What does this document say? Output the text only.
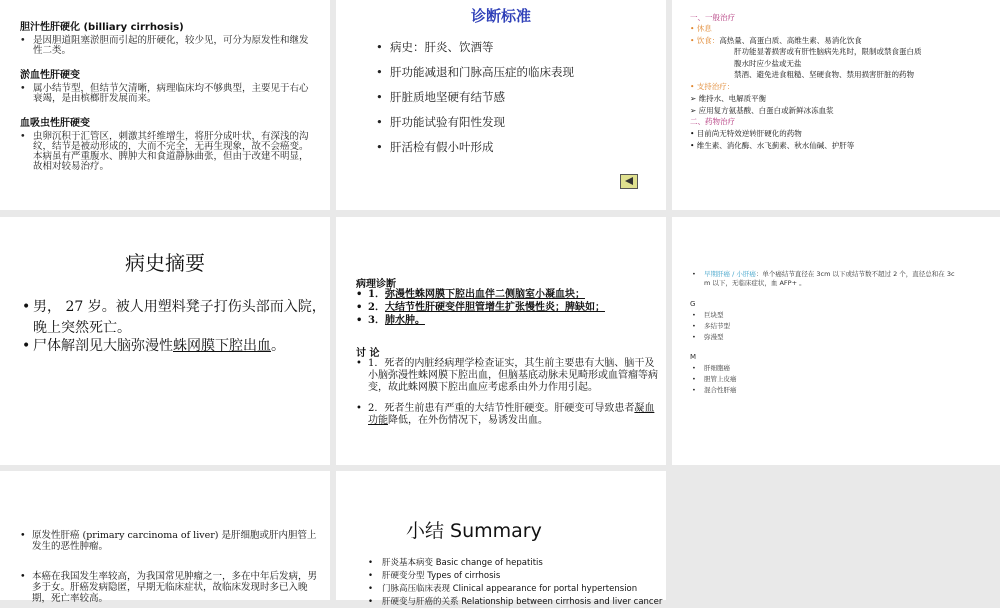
胆汁性肝硬化 (billiary cirrhosis)
• 是因胆道阻塞淤胆而引起的肝硬化，较少见，可分为原发性和继发性二类。
淤血性肝硬变
• 属小结节型，但结节欠清晰，病理临床均不够典型，主要见于右心衰竭，是由槟榔肝发展而来。
血吸虫性肝硬变
• 虫卵沉积于汇管区，刺激其纤维增生，将肝分成叶状，有深浅的沟纹，结节是被动形成的，大而不完全，无再生现象，故不会癌变。本病虽有严重腹水、脾肿大和食道静脉曲张，但由于改建不明显，故相对较易治疗。
诊断标准
• 病史：肝炎、饮酒等
• 肝功能减退和门脉高压症的临床表现
• 肝脏质地坚硬有结节感
• 肝功能试验有阳性发现
• 肝活检有假小叶形成
一、一般治疗
• 休息
• 饮食：高热量、高蛋白质、高维生素、易消化饮食
肝功能显著损害或有肝性脑病先兆时，限制或禁食蛋白质
腹水时应少盐或无盐
禁酒、避免进食粗糙、坚硬食物、禁用损害肝脏的药物
• 支持治疗：
➢ 维持水、电解质平衡
➢ 应用复方氨基酸、白蛋白或新鲜冰冻血浆
二、药物治疗
• 目前尚无特效逆转肝硬化的药物
• 维生素、消化酶、水飞蓟素、秋水仙碱、护肝等
病史摘要
• 男， 27 岁。被人用塑料凳子打伤头部而入院，晚上突然死亡。
• 尸体解剖见大脑弥漫性蛛网膜下腔出血。
病理诊断
• 1．弥漫性蛛网膜下腔出血伴二侧脑室小凝血块；
• 2．大结节性肝硬变伴胆管增生扩张慢性炎；脾缺如；
• 3．肺水肿。
讨 论
• 1．死者的内脏经病理学检查证实，其生前主要患有大脑、脑干及小脑弥漫性蛛网膜下腔出血，但脑基底动脉未见畸形或血管瘤等病变，故此蛛网膜下腔出血应考虑系由外力作用引起。
• 2．死者生前患有严重的大结节性肝硬变。肝硬变可导致患者凝血功能降低，在外伤情况下，易诱发出血。
• 早期肝癌 / 小肝癌：单个癌结节直径在 3cm 以下或结节数不超过 2 个，直径总和在 3c
m 以下，无临床症状，血 AFP+ 。
G
• 巨块型
• 多结节型
• 弥漫型
M
• 肝细胞癌
• 胆管上皮癌
• 混合性肝癌
• 原发性肝癌 (primary carcinoma of liver) 是肝细胞或肝内胆管上发生的恶性肿瘤。
• 本癌在我国发生率较高，为我国常见肿瘤之一，多在中年后发病，男多于女。肝癌发病隐匿，早期无临床症状，故临床发现时多已入晚期，死亡率较高。
小结 Summary
• 肝炎基本病变 Basic change of hepatitis
• 肝硬变分型 Types of cirrhosis
• 门脉高压临床表现 Clinical appearance for portal hypertension
• 肝硬变与肝癌的关系 Relationship between cirrhosis and liver cancer
